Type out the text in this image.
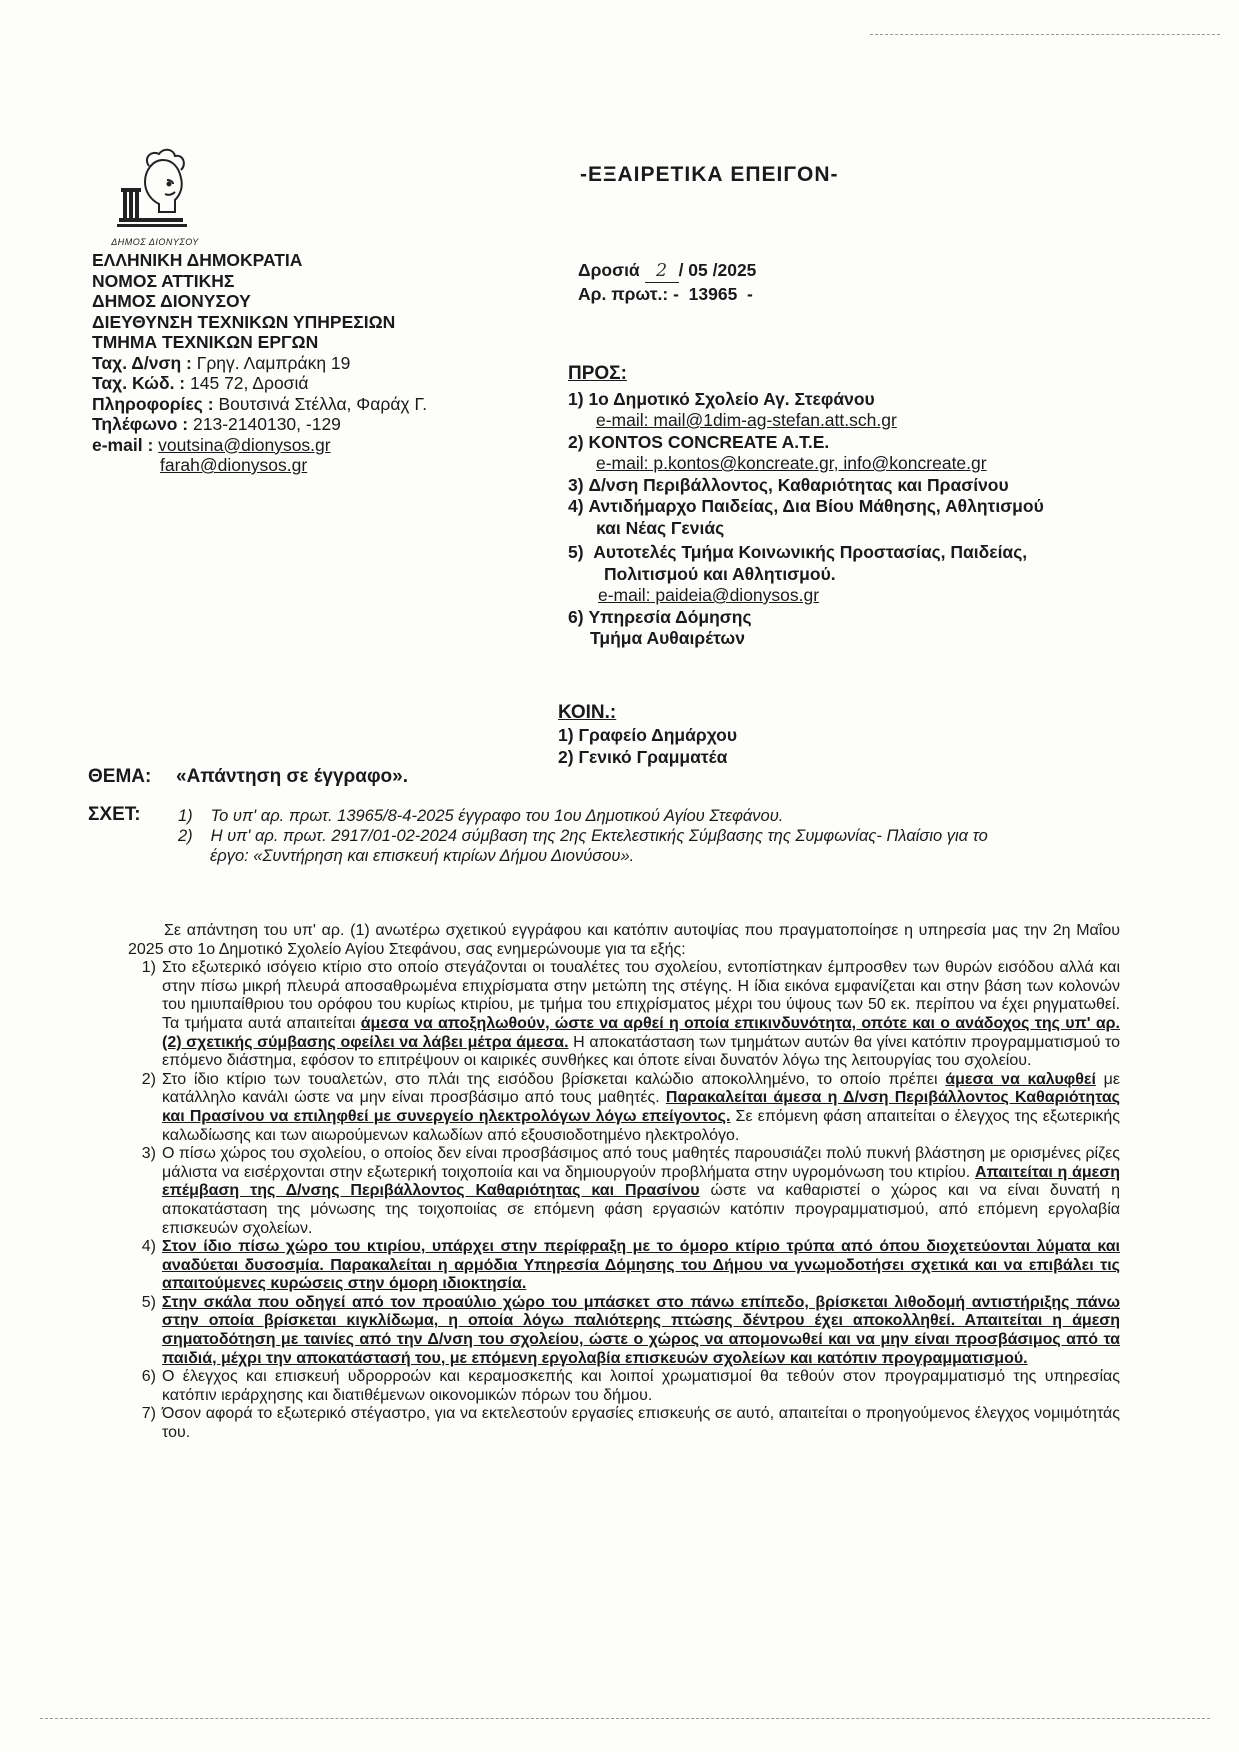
ΔΗΜΟΣ ΔΙΟΝΥΣΟΥ
-ΕΞΑΙΡΕΤΙΚΑ ΕΠΕΙΓΟΝ-
ΕΛΛΗΝΙΚΗ ΔΗΜΟΚΡΑΤΙΑ
ΝΟΜΟΣ ΑΤΤΙΚΗΣ
ΔΗΜΟΣ ΔΙΟΝΥΣΟΥ
ΔΙΕΥΘΥΝΣΗ ΤΕΧΝΙΚΩΝ ΥΠΗΡΕΣΙΩΝ
ΤΜΗΜΑ ΤΕΧΝΙΚΩΝ ΕΡΓΩΝ
Ταχ. Δ/νση : Γρηγ. Λαμπράκη 19
Ταχ. Κώδ. : 145 72, Δροσιά
Πληροφορίες : Βουτσινά Στέλλα, Φαράχ Γ.
Τηλέφωνο : 213-2140130, -129
e-mail : voutsina@dionysos.gr
farah@dionysos.gr
Δροσιά 2 / 05 /2025
Αρ. πρωτ.: -  13965  -
ΠΡΟΣ:
1) 1ο Δημοτικό Σχολείο Αγ. Στεφάνου
e-mail: mail@1dim-ag-stefan.att.sch.gr
2) KONTOS CONCREATE A.T.E.
e-mail: p.kontos@koncreate.gr, info@koncreate.gr
3) Δ/νση Περιβάλλοντος, Καθαριότητας και Πρασίνου
4) Αντιδήμαρχο Παιδείας, Δια Βίου Μάθησης, Αθλητισμού
και Νέας Γενιάς
5) Αυτοτελές Τμήμα Κοινωνικής Προστασίας, Παιδείας,
Πολιτισμού και Αθλητισμού.
e-mail: paideia@dionysos.gr
6) Υπηρεσία Δόμησης
Τμήμα Αυθαιρέτων
ΚΟΙΝ.:
1) Γραφείο Δημάρχου
2) Γενικό Γραμματέα
ΘΕΜΑ: «Απάντηση σε έγγραφο».
ΣΧΕΤ: 1) Το υπ' αρ. πρωτ. 13965/8-4-2025 έγγραφο του 1ου Δημοτικού Αγίου Στεφάνου.
2) Η υπ' αρ. πρωτ. 2917/01-02-2024 σύμβαση της 2ης Εκτελεστικής Σύμβασης της Συμφωνίας- Πλαίσιο για το
έργο: «Συντήρηση και επισκευή κτιρίων Δήμου Διονύσου».

Σε απάντηση του υπ' αρ. (1) ανωτέρω σχετικού εγγράφου και κατόπιν αυτοψίας που πραγματοποίησε η υπηρεσία μας την 2η Μαΐου 2025 στο 1ο Δημοτικό Σχολείο Αγίου Στεφάνου, σας ενημερώνουμε για τα εξής:

1) Στο εξωτερικό ισόγειο κτίριο στο οποίο στεγάζονται οι τουαλέτες του σχολείου, εντοπίστηκαν έμπροσθεν των θυρών εισόδου αλλά και στην πίσω μικρή πλευρά αποσαθρωμένα επιχρίσματα στην μετώπη της στέγης. Η ίδια εικόνα εμφανίζεται και στην βάση των κολονών του ημιυπαίθριου του ορόφου του κυρίως κτιρίου, με τμήμα του επιχρίσματος μέχρι του ύψους των 50 εκ. περίπου να έχει ρηγματωθεί. Τα τμήματα αυτά απαιτείται άμεσα να αποξηλωθούν, ώστε να αρθεί η οποία επικινδυνότητα, οπότε και ο ανάδοχος της υπ' αρ. (2) σχετικής σύμβασης οφείλει να λάβει μέτρα άμεσα. Η αποκατάσταση των τμημάτων αυτών θα γίνει κατόπιν προγραμματισμού το επόμενο διάστημα, εφόσον το επιτρέψουν οι καιρικές συνθήκες και όποτε είναι δυνατόν λόγω της λειτουργίας του σχολείου.
2) Στο ίδιο κτίριο των τουαλετών, στο πλάι της εισόδου βρίσκεται καλώδιο αποκολλημένο, το οποίο πρέπει άμεσα να καλυφθεί με κατάλληλο κανάλι ώστε να μην είναι προσβάσιμο από τους μαθητές. Παρακαλείται άμεσα η Δ/νση Περιβάλλοντος Καθαριότητας και Πρασίνου να επιληφθεί με συνεργείο ηλεκτρολόγων λόγω επείγοντος. Σε επόμενη φάση απαιτείται ο έλεγχος της εξωτερικής καλωδίωσης και των αιωρούμενων καλωδίων από εξουσιοδοτημένο ηλεκτρολόγο.
3) Ο πίσω χώρος του σχολείου, ο οποίος δεν είναι προσβάσιμος από τους μαθητές παρουσιάζει πολύ πυκνή βλάστηση με ορισμένες ρίζες μάλιστα να εισέρχονται στην εξωτερική τοιχοποιία και να δημιουργούν προβλήματα στην υγρομόνωση του κτιρίου. Απαιτείται η άμεση επέμβαση της Δ/νσης Περιβάλλοντος Καθαριότητας και Πρασίνου ώστε να καθαριστεί ο χώρος και να είναι δυνατή η αποκατάσταση της μόνωσης της τοιχοποιίας σε επόμενη φάση εργασιών κατόπιν προγραμματισμού, από επόμενη εργολαβία επισκευών σχολείων.
4) Στον ίδιο πίσω χώρο του κτιρίου, υπάρχει στην περίφραξη με το όμορο κτίριο τρύπα από όπου διοχετεύονται λύματα και αναδύεται δυσοσμία. Παρακαλείται η αρμόδια Υπηρεσία Δόμησης του Δήμου να γνωμοδοτήσει σχετικά και να επιβάλει τις απαιτούμενες κυρώσεις στην όμορη ιδιοκτησία.
5) Στην σκάλα που οδηγεί από τον προαύλιο χώρο του μπάσκετ στο πάνω επίπεδο, βρίσκεται λιθοδομή αντιστήριξης πάνω στην οποία βρίσκεται κιγκλίδωμα, η οποία λόγω παλιότερης πτώσης δέντρου έχει αποκολληθεί. Απαιτείται η άμεση σηματοδότηση με ταινίες από την Δ/νση του σχολείου, ώστε ο χώρος να απομονωθεί και να μην είναι προσβάσιμος από τα παιδιά, μέχρι την αποκατάστασή του, με επόμενη εργολαβία επισκευών σχολείων και κατόπιν προγραμματισμού.
6) Ο έλεγχος και επισκευή υδρορροών και κεραμοσκεπής και λοιποί χρωματισμοί θα τεθούν στον προγραμματισμό της υπηρεσίας κατόπιν ιεράρχησης και διατιθέμενων οικονομικών πόρων του δήμου.
7) Όσον αφορά το εξωτερικό στέγαστρο, για να εκτελεστούν εργασίες επισκευής σε αυτό, απαιτείται ο προηγούμενος έλεγχος νομιμότητάς του.
